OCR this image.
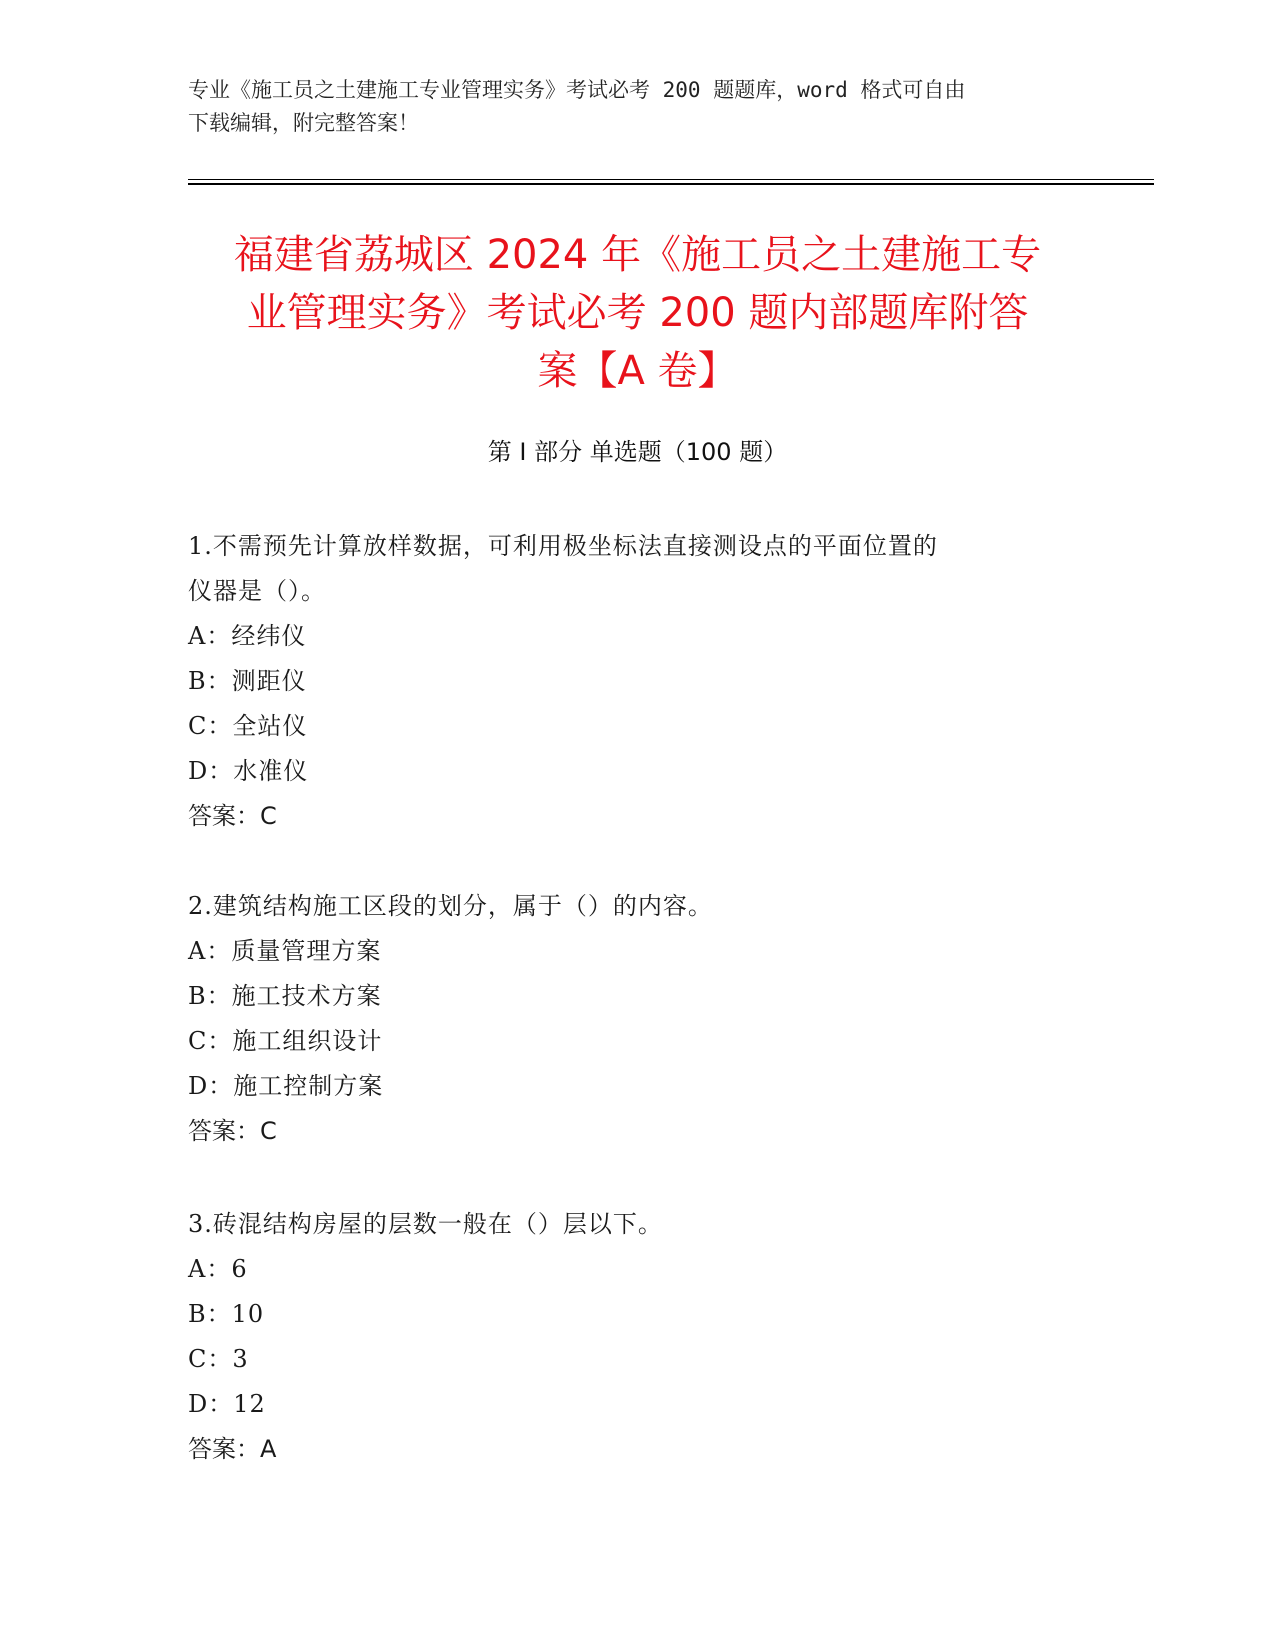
专业《施工员之土建施工专业管理实务》考试必考 200 题题库，word 格式可自由
下载编辑，附完整答案！
福建省荔城区 2024 年《施工员之土建施工专
业管理实务》考试必考 200 题内部题库附答
案【A 卷】
第 I 部分 单选题（100 题）
1.不需预先计算放样数据，可利用极坐标法直接测设点的平面位置的
仪器是（）。
A：经纬仪
B：测距仪
C：全站仪
D：水准仪
答案：C
2.建筑结构施工区段的划分，属于（）的内容。
A：质量管理方案
B：施工技术方案
C：施工组织设计
D：施工控制方案
答案：C
3.砖混结构房屋的层数一般在（）层以下。
A：6
B：10
C：3
D：12
答案：A
